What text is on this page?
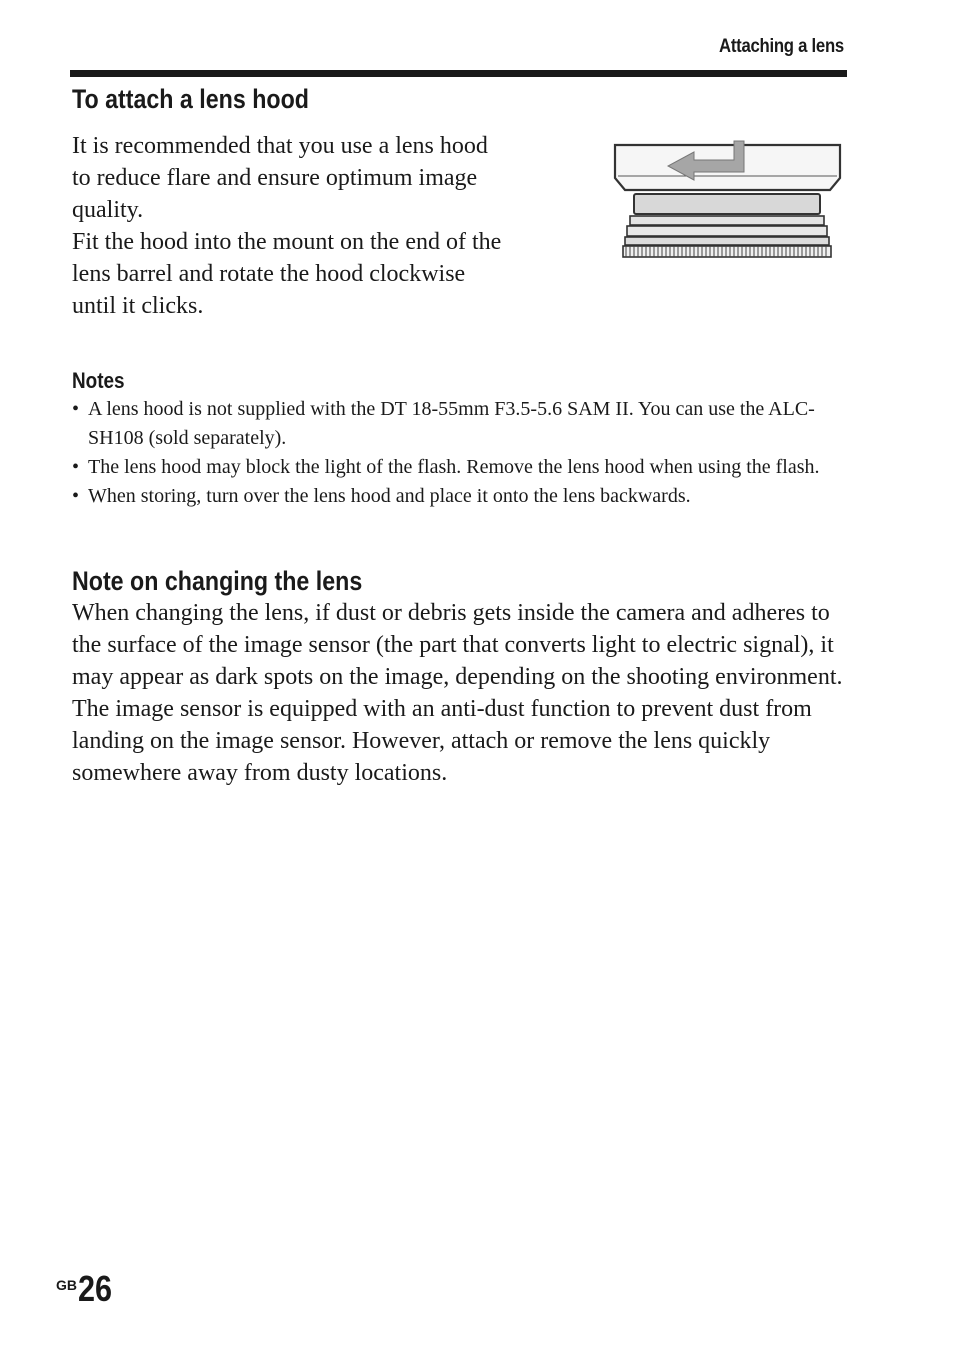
Attaching a lens
To attach a lens hood

It is recommended that you use a lens hood to reduce flare and ensure optimum image quality.

Fit the hood into the mount on the end of the lens barrel and rotate the hood clockwise until it clicks.

Notes
• A lens hood is not supplied with the DT 18-55mm F3.5-5.6 SAM II. You can use the ALC-SH108 (sold separately).
• The lens hood may block the light of the flash. Remove the lens hood when using the flash.
• When storing, turn over the lens hood and place it onto the lens backwards.
Note on changing the lens

When changing the lens, if dust or debris gets inside the camera and adheres to the surface of the image sensor (the part that converts light to electric signal), it may appear as dark spots on the image, depending on the shooting environment.

The image sensor is equipped with an anti-dust function to prevent dust from landing on the image sensor. However, attach or remove the lens quickly somewhere away from dusty locations.

GB 26
